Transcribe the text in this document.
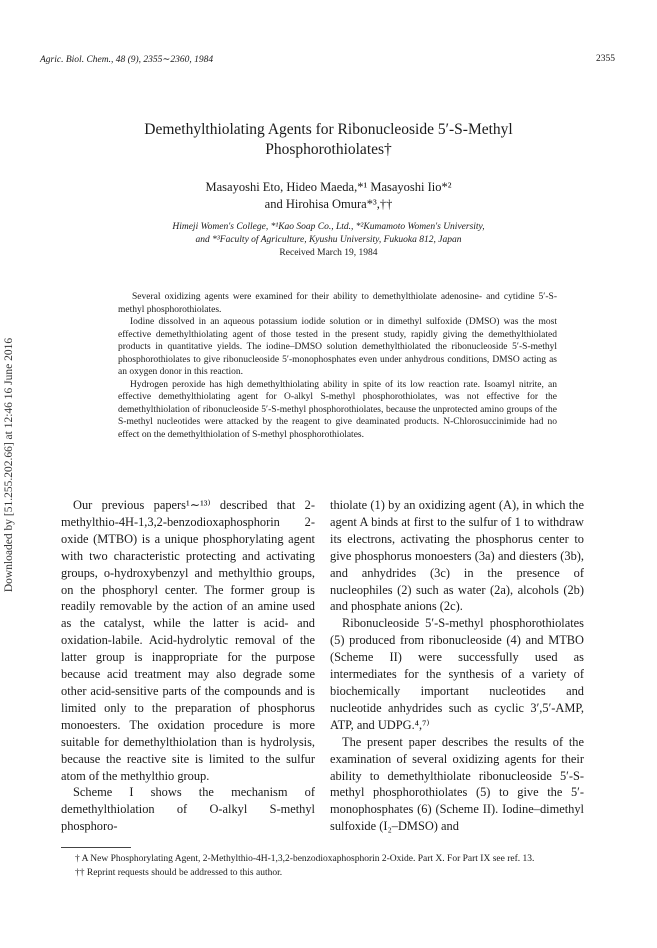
Agric. Biol. Chem., 48 (9), 2355∼2360, 1984	2355
Downloaded by [51.255.202.66] at 12:46 16 June 2016
Demethylthiolating Agents for Ribonucleoside 5′-S-Methyl
Phosphorothiolates†
Masayoshi Eto, Hideo Maeda,*¹ Masayoshi Iio*²
and Hirohisa Omura*³,††
Himeji Women's College, *¹Kao Soap Co., Ltd., *²Kumamoto Women's University,
and *³Faculty of Agriculture, Kyushu University, Fukuoka 812, Japan
Received March 19, 1984

Several oxidizing agents were examined for their ability to demethylthiolate adenosine- and cytidine 5′-S-methyl phosphorothiolates.

Iodine dissolved in an aqueous potassium iodide solution or in dimethyl sulfoxide (DMSO) was the most effective demethylthiolating agent of those tested in the present study, rapidly giving the demethylthiolated products in quantitative yields. The iodine–DMSO solution demethylthiolated the ribonucleoside 5′-S-methyl phosphorothiolates to give ribonucleoside 5′-monophosphates even under anhydrous conditions, DMSO acting as an oxygen donor in this reaction.

Hydrogen peroxide has high demethylthiolating ability in spite of its low reaction rate. Isoamyl nitrite, an effective demethylthiolating agent for O-alkyl S-methyl phosphorothiolates, was not effective for the demethylthiolation of ribonucleoside 5′-S-methyl phosphorothiolates, because the unprotected amino groups of the S-methyl nucleotides were attacked by the reagent to give deaminated products. N-Chlorosuccinimide had no effect on the demethylthiolation of S-methyl phosphorothiolates.

Our previous papers¹∼¹³⁾ described that 2-methylthio-4H-1,3,2-benzodioxaphosphorin 2-oxide (MTBO) is a unique phosphorylating agent with two characteristic protecting and activating groups, o-hydroxybenzyl and methylthio groups, on the phosphoryl center. The former group is readily removable by the action of an amine used as the catalyst, while the latter is acid- and oxidation-labile. Acid-hydrolytic removal of the latter group is inappropriate for the purpose because acid treatment may also degrade some other acid-sensitive parts of the compounds and is limited only to the preparation of phosphorus monoesters. The oxidation procedure is more suitable for demethylthiolation than is hydrolysis, because the reactive site is limited to the sulfur atom of the methylthio group.

Scheme I shows the mechanism of demethylthiolation of O-alkyl S-methyl phosphoro-

thiolate (1) by an oxidizing agent (A), in which the agent A binds at first to the sulfur of 1 to withdraw its electrons, activating the phosphorus center to give phosphorus monoesters (3a) and diesters (3b), and anhydrides (3c) in the presence of nucleophiles (2) such as water (2a), alcohols (2b) and phosphate anions (2c).

Ribonucleoside 5′-S-methyl phosphorothiolates (5) produced from ribonucleoside (4) and MTBO (Scheme II) were successfully used as intermediates for the synthesis of a variety of biochemically important nucleotides and nucleotide anhydrides such as cyclic 3′,5′-AMP, ATP, and UDPG.⁴,⁷⁾

The present paper describes the results of the examination of several oxidizing agents for their ability to demethylthiolate ribonucleoside 5′-S-methyl phosphorothiolates (5) to give the 5′-monophosphates (6) (Scheme II). Iodine–dimethyl sulfoxide (I₂–DMSO) and

† A New Phosphorylating Agent, 2-Methylthio-4H-1,3,2-benzodioxaphosphorin 2-Oxide. Part X. For Part IX see ref. 13.

†† Reprint requests should be addressed to this author.
